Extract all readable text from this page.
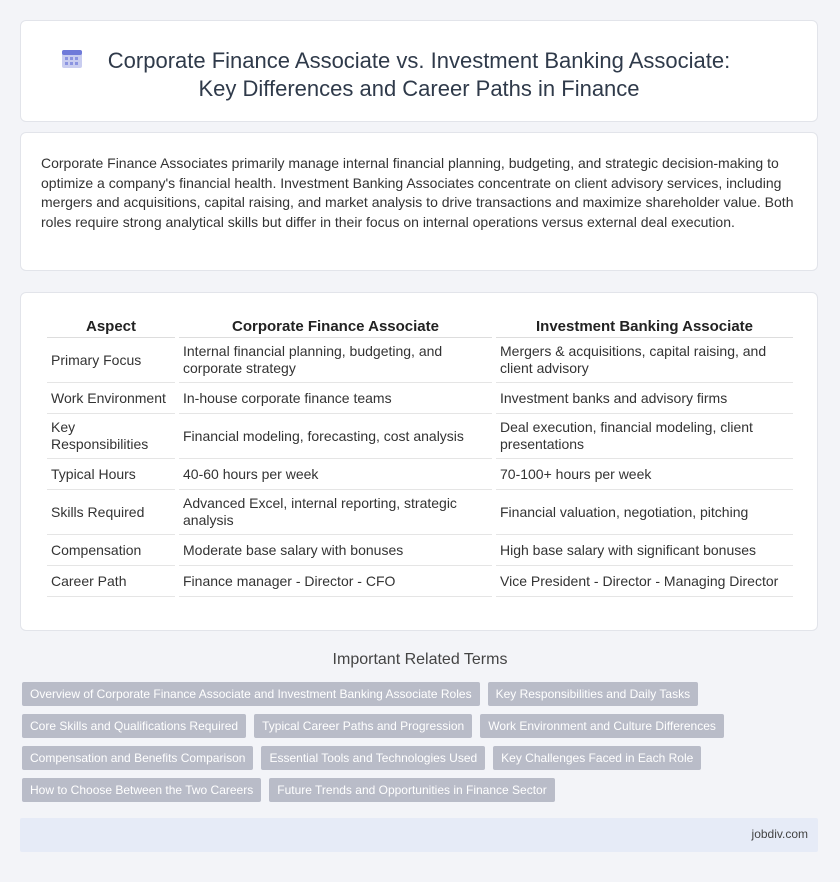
Corporate Finance Associate vs. Investment Banking Associate:
Key Differences and Career Paths in Finance

Corporate Finance Associates primarily manage internal financial planning, budgeting, and strategic decision-making to optimize a company's financial health. Investment Banking Associates concentrate on client advisory services, including mergers and acquisitions, capital raising, and market analysis to drive transactions and maximize shareholder value. Both roles require strong analytical skills but differ in their focus on internal operations versus external deal execution.

Aspect	Corporate Finance Associate	Investment Banking Associate
Primary Focus	Internal financial planning, budgeting, and corporate strategy	Mergers & acquisitions, capital raising, and client advisory
Work Environment	In-house corporate finance teams	Investment banks and advisory firms
Key Responsibilities	Financial modeling, forecasting, cost analysis	Deal execution, financial modeling, client presentations
Typical Hours	40-60 hours per week	70-100+ hours per week
Skills Required	Advanced Excel, internal reporting, strategic analysis	Financial valuation, negotiation, pitching
Compensation	Moderate base salary with bonuses	High base salary with significant bonuses
Career Path	Finance manager - Director - CFO	Vice President - Director - Managing Director
Important Related Terms
Overview of Corporate Finance Associate and Investment Banking Associate Roles	Key Responsibilities and Daily Tasks
Core Skills and Qualifications Required	Typical Career Paths and Progression	Work Environment and Culture Differences
Compensation and Benefits Comparison	Essential Tools and Technologies Used	Key Challenges Faced in Each Role
How to Choose Between the Two Careers	Future Trends and Opportunities in Finance Sector
jobdiv.com
